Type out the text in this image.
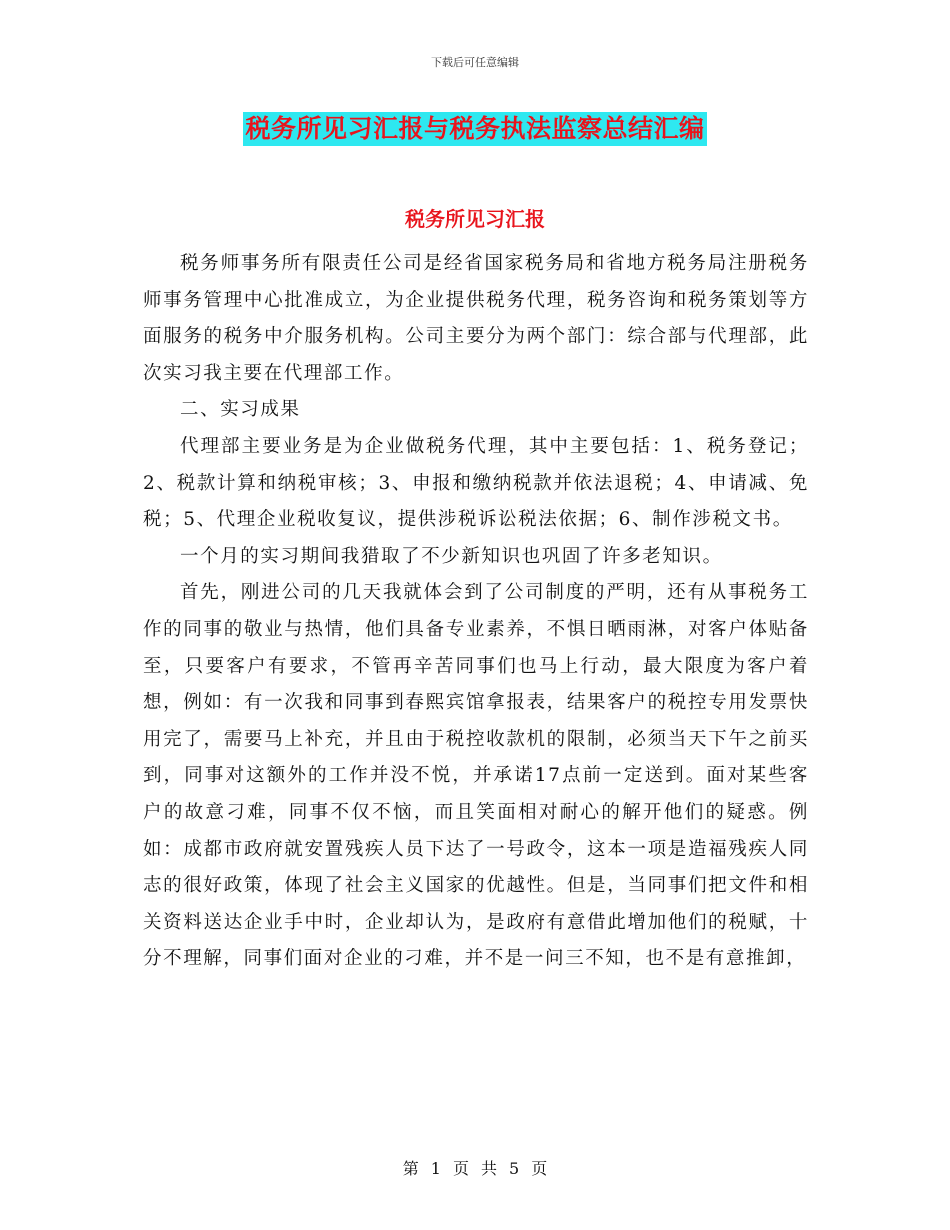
下载后可任意编辑
税务所见习汇报与税务执法监察总结汇编
税务所见习汇报

税务师事务所有限责任公司是经省国家税务局和省地方税务局注册税务师事务管理中心批准成立，为企业提供税务代理，税务咨询和税务策划等方面服务的税务中介服务机构。公司主要分为两个部门：综合部与代理部，此次实习我主要在代理部工作。

二、实习成果

代理部主要业务是为企业做税务代理，其中主要包括：1、税务登记；2、税款计算和纳税审核；3、申报和缴纳税款并依法退税；4、申请减、免税；5、代理企业税收复议，提供涉税诉讼税法依据；6、制作涉税文书。

一个月的实习期间我猎取了不少新知识也巩固了许多老知识。

首先，刚进公司的几天我就体会到了公司制度的严明，还有从事税务工作的同事的敬业与热情，他们具备专业素养，不惧日晒雨淋，对客户体贴备至，只要客户有要求，不管再辛苦同事们也马上行动，最大限度为客户着想，例如：有一次我和同事到春熙宾馆拿报表，结果客户的税控专用发票快用完了，需要马上补充，并且由于税控收款机的限制，必须当天下午之前买到，同事对这额外的工作并没不悦，并承诺17点前一定送到。面对某些客户的故意刁难，同事不仅不恼，而且笑面相对耐心的解开他们的疑惑。例如：成都市政府就安置残疾人员下达了一号政令，这本一项是造福残疾人同志的很好政策，体现了社会主义国家的优越性。但是，当同事们把文件和相关资料送达企业手中时，企业却认为，是政府有意借此增加他们的税赋，十分不理解，同事们面对企业的刁难，并不是一问三不知，也不是有意推卸，

第 1 页 共 5 页
